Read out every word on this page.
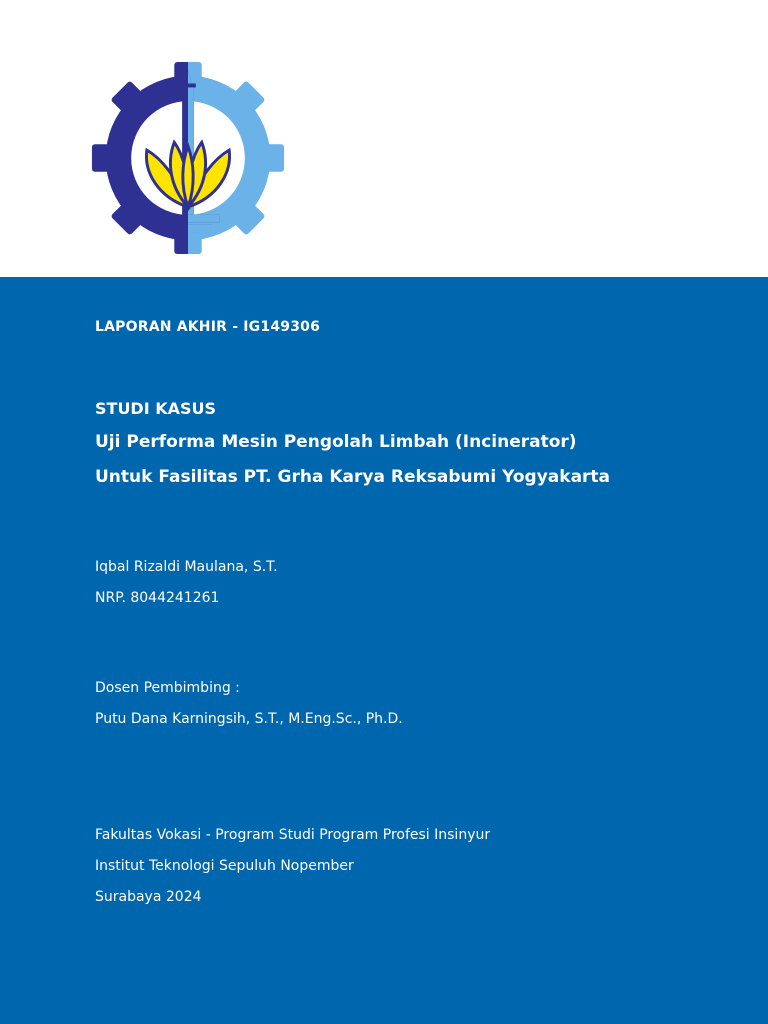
LAPORAN AKHIR - IG149306
STUDI KASUS
Uji Performa Mesin Pengolah Limbah (Incinerator)
Untuk Fasilitas PT. Grha Karya Reksabumi Yogyakarta
Iqbal Rizaldi Maulana, S.T.
NRP. 8044241261
Dosen Pembimbing :
Putu Dana Karningsih, S.T., M.Eng.Sc., Ph.D.
Fakultas Vokasi - Program Studi Program Profesi Insinyur
Institut Teknologi Sepuluh Nopember
Surabaya 2024
